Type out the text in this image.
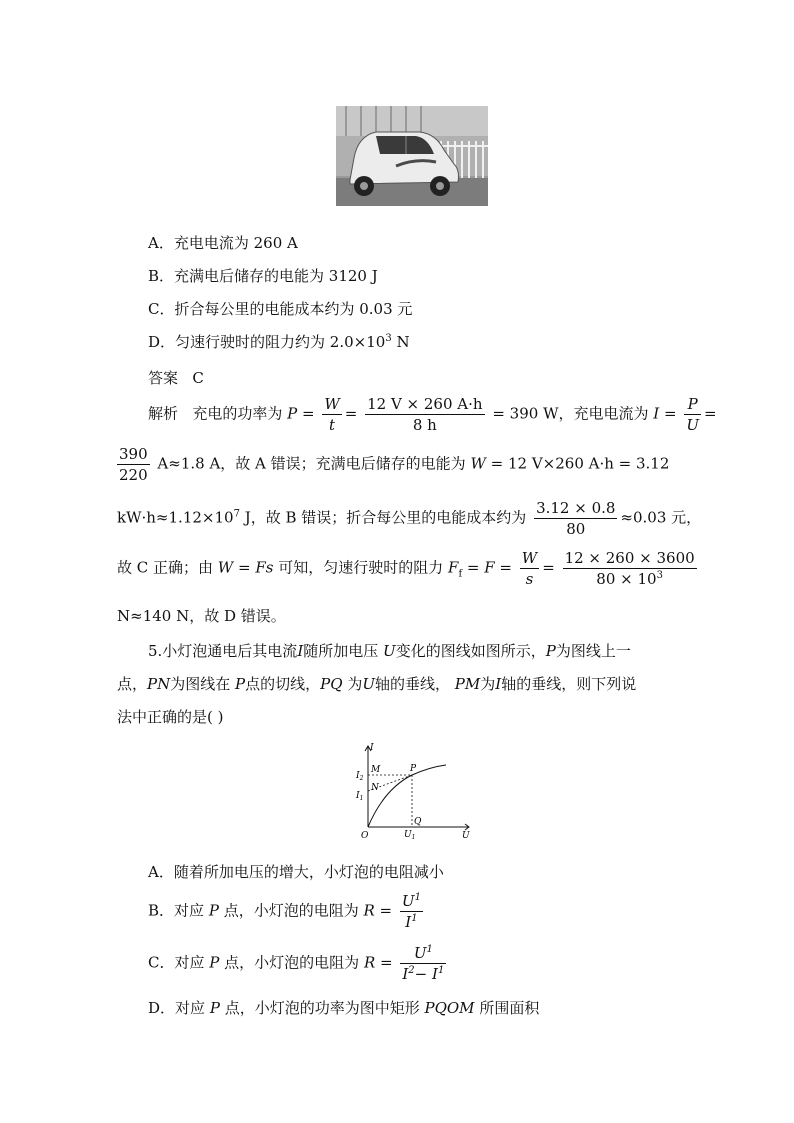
A．充电电流为 260 A
B．充满电后储存的电能为 3120 J
C．折合每公里的电能成本约为 0.03 元
D．匀速行驶时的阻力约为 $2.0\times 10^3$ N
答案 C
解析 充电的功率为 $P = \frac{W}{t} = \frac{12 V \times 260 A\cdot h}{8 h} = 390$ W，充电电流为 $I = \frac{P}{U}$ =
$\frac{390}{220} A\approx 1.8$ A，故 A 错误；充满电后储存的电能为 W = 12 V×260 A·h = 3.12
$kW\cdot h\approx 1.12\times 10^7$ J，故 B 错误；折合每公里的电能成本约为 $\frac{3.12 \times 0.8}{80} \approx 0.03$ 元，
故 C 正确；由 W = Fs 可知，匀速行驶时的阻力 $F_f = F = \frac{W}{s} = \frac{12 \times 260 \times 3600}{80 \times 10^3}$
N≈140 N，故 D 错误。
5.小灯泡通电后其电流I随所加电压 U变化的图线如图所示，P为图线上一
点，PN为图线在 P点的切线，PQ 为U轴的垂线， PM为I轴的垂线，则下列说
法中正确的是( )
I
U
O
$I_2$
$I_1$
$U_1$
M
N
P
Q
A．随着所加电压的增大，小灯泡的电阻减小
B．对应 P 点，小灯泡的电阻为 $R = \frac{U^1}{I^1}$
C．对应 P 点，小灯泡的电阻为 $R = \frac{U^1}{I^2- I^1}$
D．对应 P 点，小灯泡的功率为图中矩形 PQOM 所围面积
